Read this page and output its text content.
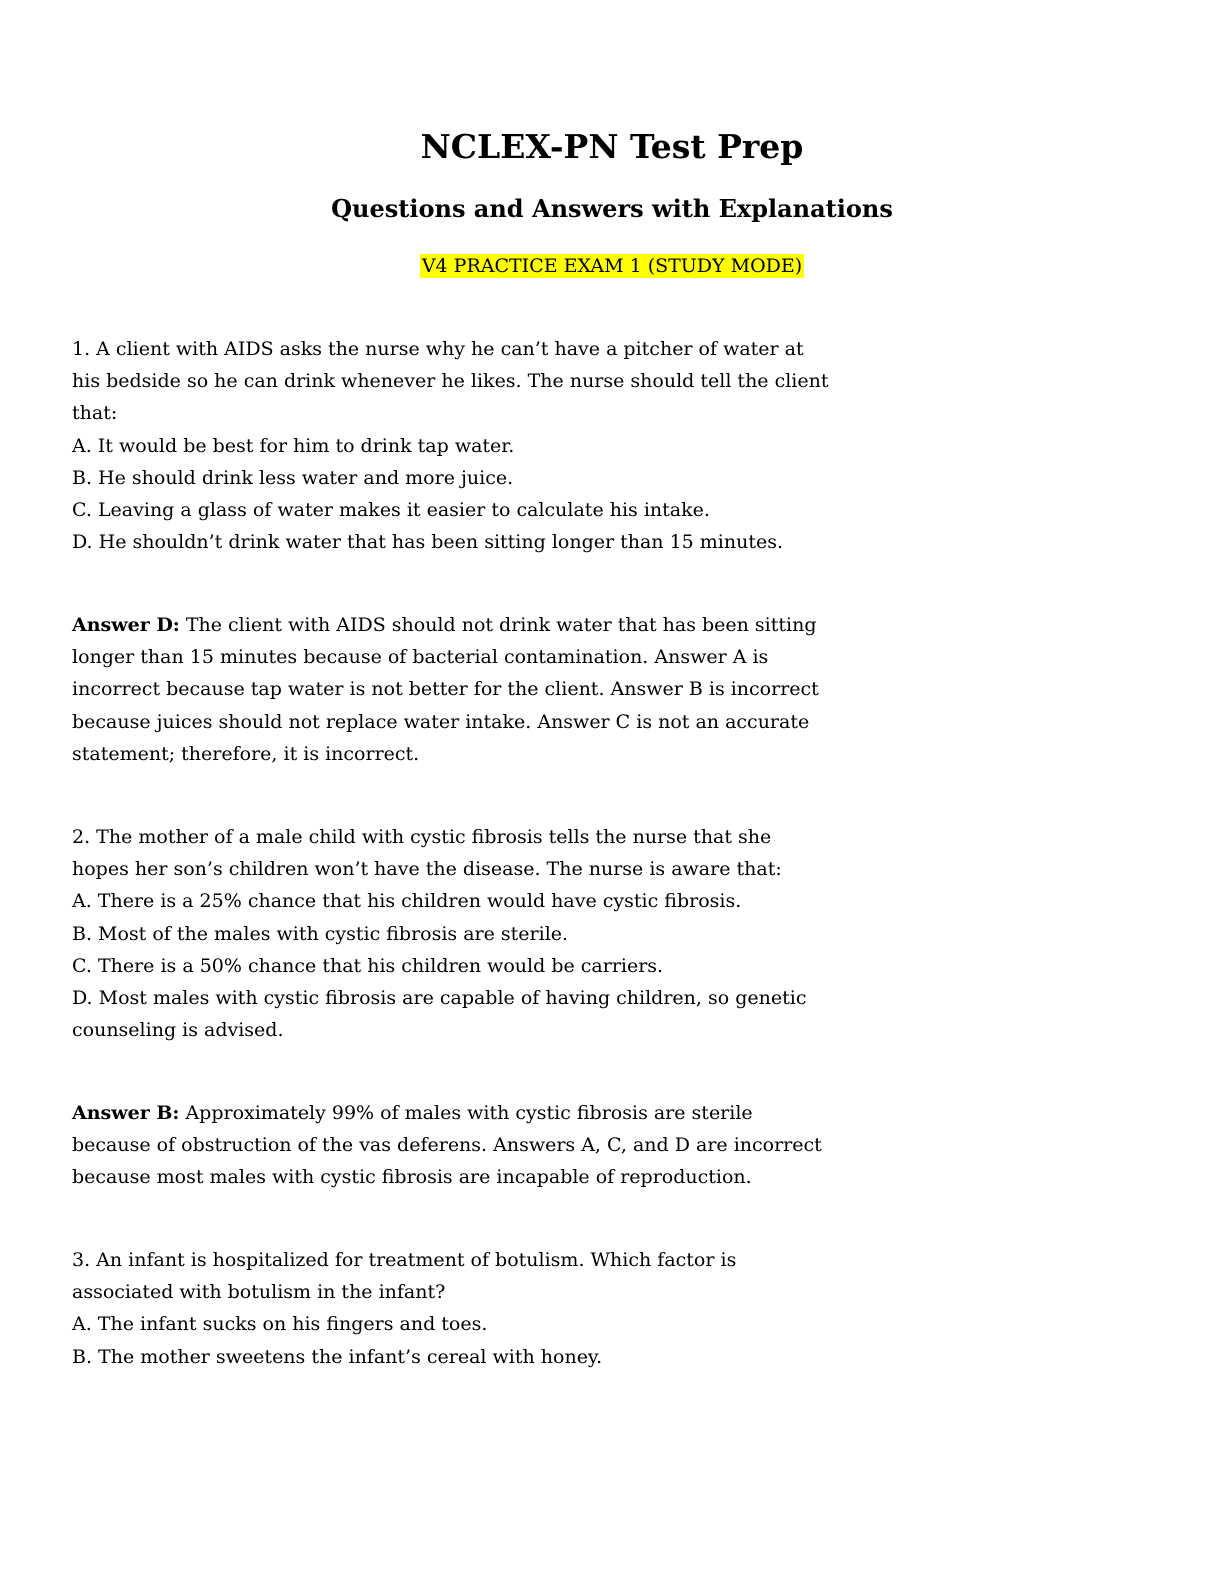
NCLEX-PN Test Prep
Questions and Answers with Explanations
V4 PRACTICE EXAM 1 (STUDY MODE)
1. A client with AIDS asks the nurse why he can’t have a pitcher of water at
his bedside so he can drink whenever he likes. The nurse should tell the client
that:
A. It would be best for him to drink tap water.
B. He should drink less water and more juice.
C. Leaving a glass of water makes it easier to calculate his intake.
D. He shouldn’t drink water that has been sitting longer than 15 minutes.
Answer D: The client with AIDS should not drink water that has been sitting
longer than 15 minutes because of bacterial contamination. Answer A is
incorrect because tap water is not better for the client. Answer B is incorrect
because juices should not replace water intake. Answer C is not an accurate
statement; therefore, it is incorrect.
2. The mother of a male child with cystic fibrosis tells the nurse that she
hopes her son’s children won’t have the disease. The nurse is aware that:
A. There is a 25% chance that his children would have cystic fibrosis.
B. Most of the males with cystic fibrosis are sterile.
C. There is a 50% chance that his children would be carriers.
D. Most males with cystic fibrosis are capable of having children, so genetic
counseling is advised.
Answer B: Approximately 99% of males with cystic fibrosis are sterile
because of obstruction of the vas deferens. Answers A, C, and D are incorrect
because most males with cystic fibrosis are incapable of reproduction.
3. An infant is hospitalized for treatment of botulism. Which factor is
associated with botulism in the infant?
A. The infant sucks on his fingers and toes.
B. The mother sweetens the infant’s cereal with honey.
